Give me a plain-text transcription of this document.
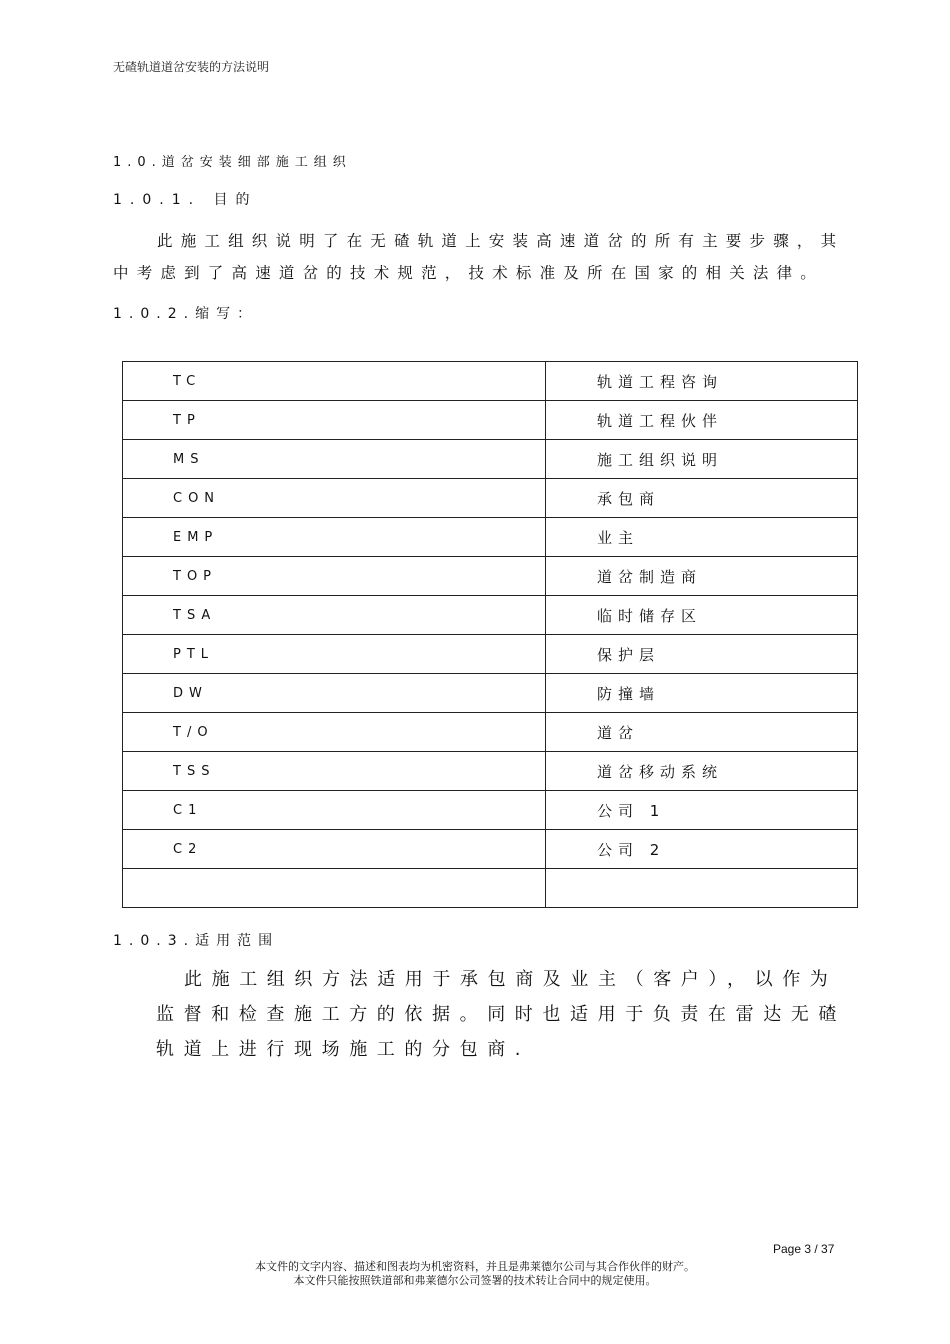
无碴轨道道岔安装的方法说明
1.0.道岔安装细部施工组织
1.0.1. 目的
此施工组织说明了在无碴轨道上安装高速道岔的所有主要步骤，其中考虑到了高速道岔的技术规范，技术标准及所在国家的相关法律。
1.0.2.缩写：
TC	轨道工程咨询
TP	轨道工程伙伴
MS	施工组织说明
CON	承包商
EMP	业主
TOP	道岔制造商
TSA	临时储存区
PTL	保护层
DW	防撞墙
T/O	道岔
TSS	道岔移动系统
C1	公司 1
C2	公司 2

1.0.3.适用范围
此施工组织方法适用于承包商及业主（客户），以作为监督和检查施工方的依据。同时也适用于负责在雷达无碴轨道上进行现场施工的分包商.
Page 3 / 37
本文件的文字内容、描述和图表均为机密资料，并且是弗莱德尔公司与其合作伙伴的财产。
本文件只能按照铁道部和弗莱德尔公司签署的技术转让合同中的规定使用。
